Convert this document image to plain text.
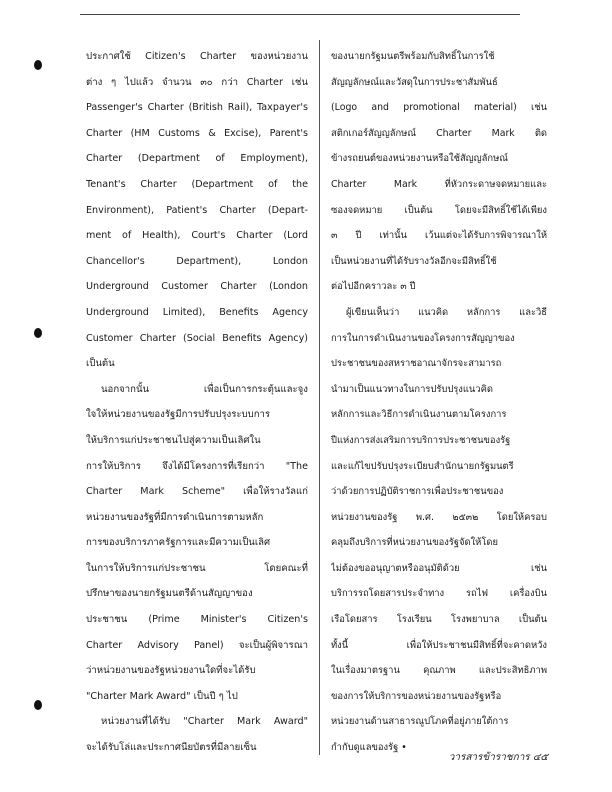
ประกาศใช้ Citizen's Charter ของหน่วยงาน
ต่าง ๆ ไปแล้ว จำนวน ๓๐ กว่า Charter เช่น
Passenger's Charter (British Rail), Taxpayer's
Charter (HM Customs & Excise), Parent's
Charter (Department of Employment),
Tenant's Charter (Department of the
Environment), Patient's Charter (Depart-
ment of Health), Court's Charter (Lord
Chancellor's Department), London
Underground Customer Charter (London
Underground Limited), Benefits Agency
Customer Charter (Social Benefits Agency)
เป็นต้น
นอกจากนั้น เพื่อเป็นการกระตุ้นและจูง
ใจให้หน่วยงานของรัฐมีการปรับปรุงระบบการ
ให้บริการแก่ประชาชนไปสู่ความเป็นเลิศใน
การให้บริการ จึงได้มีโครงการที่เรียกว่า "The
Charter Mark Scheme" เพื่อให้รางวัลแก่
หน่วยงานของรัฐที่มีการดำเนินการตามหลัก
การของบริการภาครัฐการและมีความเป็นเลิศ
ในการให้บริการแก่ประชาชน โดยคณะที่
ปรึกษาของนายกรัฐมนตรีด้านสัญญาของ
ประชาชน (Prime Minister's Citizen's
Charter Advisory Panel) จะเป็นผู้พิจารณา
ว่าหน่วยงานของรัฐหน่วยงานใดที่จะได้รับ
"Charter Mark Award" เป็นปี ๆ ไป
หน่วยงานที่ได้รับ "Charter Mark Award"
จะได้รับโล่และประกาศนียบัตรที่มีลายเซ็น
ของนายกรัฐมนตรีพร้อมกับสิทธิ์ในการใช้
สัญญลักษณ์และวัสดุในการประชาสัมพันธ์
(Logo and promotional material) เช่น
สติกเกอร์สัญญลักษณ์ Charter Mark ติด
ข้างรถยนต์ของหน่วยงานหรือใช้สัญญลักษณ์
Charter Mark ที่หัวกระดาษจดหมายและ
ซองจดหมาย เป็นต้น โดยจะมีสิทธิ์ใช้ได้เพียง
๓ ปี เท่านั้น เว้นแต่จะได้รับการพิจารณาให้
เป็นหน่วยงานที่ได้รับรางวัลอีกจะมีสิทธิ์ใช้
ต่อไปอีกคราวละ ๓ ปี
ผู้เขียนเห็นว่า แนวคิด หลักการ และวิธี
การในการดำเนินงานของโครงการสัญญาของ
ประชาชนของสหราชอาณาจักรจะสามารถ
นำมาเป็นแนวทางในการปรับปรุงแนวคิด
หลักการและวิธีการดำเนินงานตามโครงการ
ปีแห่งการส่งเสริมการบริการประชาชนของรัฐ
และแก้ไขปรับปรุงระเบียบสำนักนายกรัฐมนตรี
ว่าด้วยการปฏิบัติราชการเพื่อประชาชนของ
หน่วยงานของรัฐ พ.ศ. ๒๕๓๒ โดยให้ครอบ
คลุมถึงบริการที่หน่วยงานของรัฐจัดให้โดย
ไม่ต้องขออนุญาตหรืออนุมัติด้วย เช่น
บริการรถโดยสารประจำทาง รถไฟ เครื่องบิน
เรือโดยสาร โรงเรียน โรงพยาบาล เป็นต้น
ทั้งนี้ เพื่อให้ประชาชนมีสิทธิ์ที่จะคาดหวัง
ในเรื่องมาตรฐาน คุณภาพ และประสิทธิภาพ
ของการให้บริการของหน่วยงานของรัฐหรือ
หน่วยงานด้านสาธารณูปโภคที่อยู่ภายใต้การ
กำกับดูแลของรัฐ •
วารสารข้าราชการ ๔๕
